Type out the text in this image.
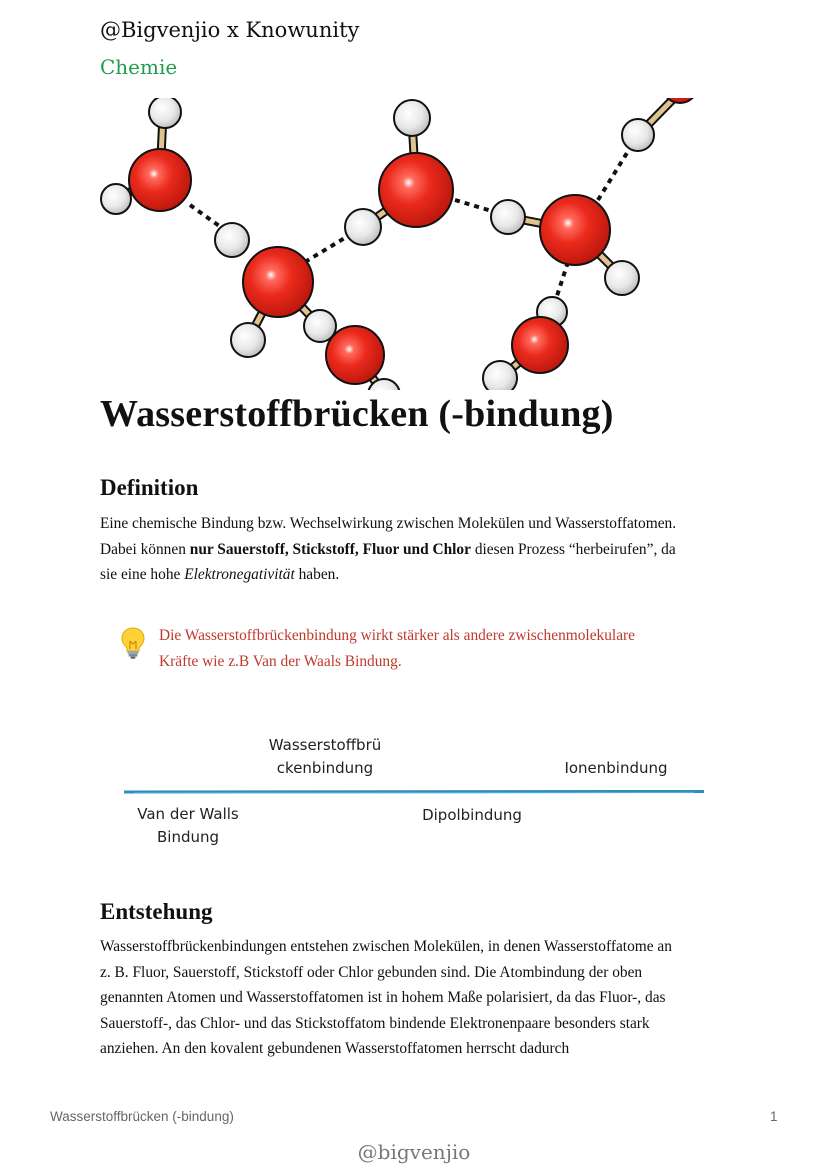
@Bigvenjio x Knowunity
Chemie
Wasserstoffbrücken (-bindung)
Definition
Eine chemische Bindung bzw. Wechselwirkung zwischen Molekülen und Wasserstoffatomen.
Dabei können nur Sauerstoff, Stickstoff, Fluor und Chlor diesen Prozess “herbeirufen”, da
sie eine hohe Elektronegativität haben.
Die Wasserstoffbrückenbindung wirkt stärker als andere zwischenmolekulare
Kräfte wie z.B Van der Waals Bindung.
Wasserstoffbrü
ckenbindung	Ionenbindung
Van der Walls
Bindung
Dipolbindung
Entstehung
Wasserstoffbrückenbindungen entstehen zwischen Molekülen, in denen Wasserstoffatome an
z. B. Fluor, Sauerstoff, Stickstoff oder Chlor gebunden sind. Die Atombindung der oben
genannten Atomen und Wasserstoffatomen ist in hohem Maße polarisiert, da das Fluor-, das
Sauerstoff-, das Chlor- und das Stickstoffatom bindende Elektronenpaare besonders stark
anziehen. An den kovalent gebundenen Wasserstoffatomen herrscht dadurch
Wasserstoffbrücken (-bindung)	1
@bigvenjio
